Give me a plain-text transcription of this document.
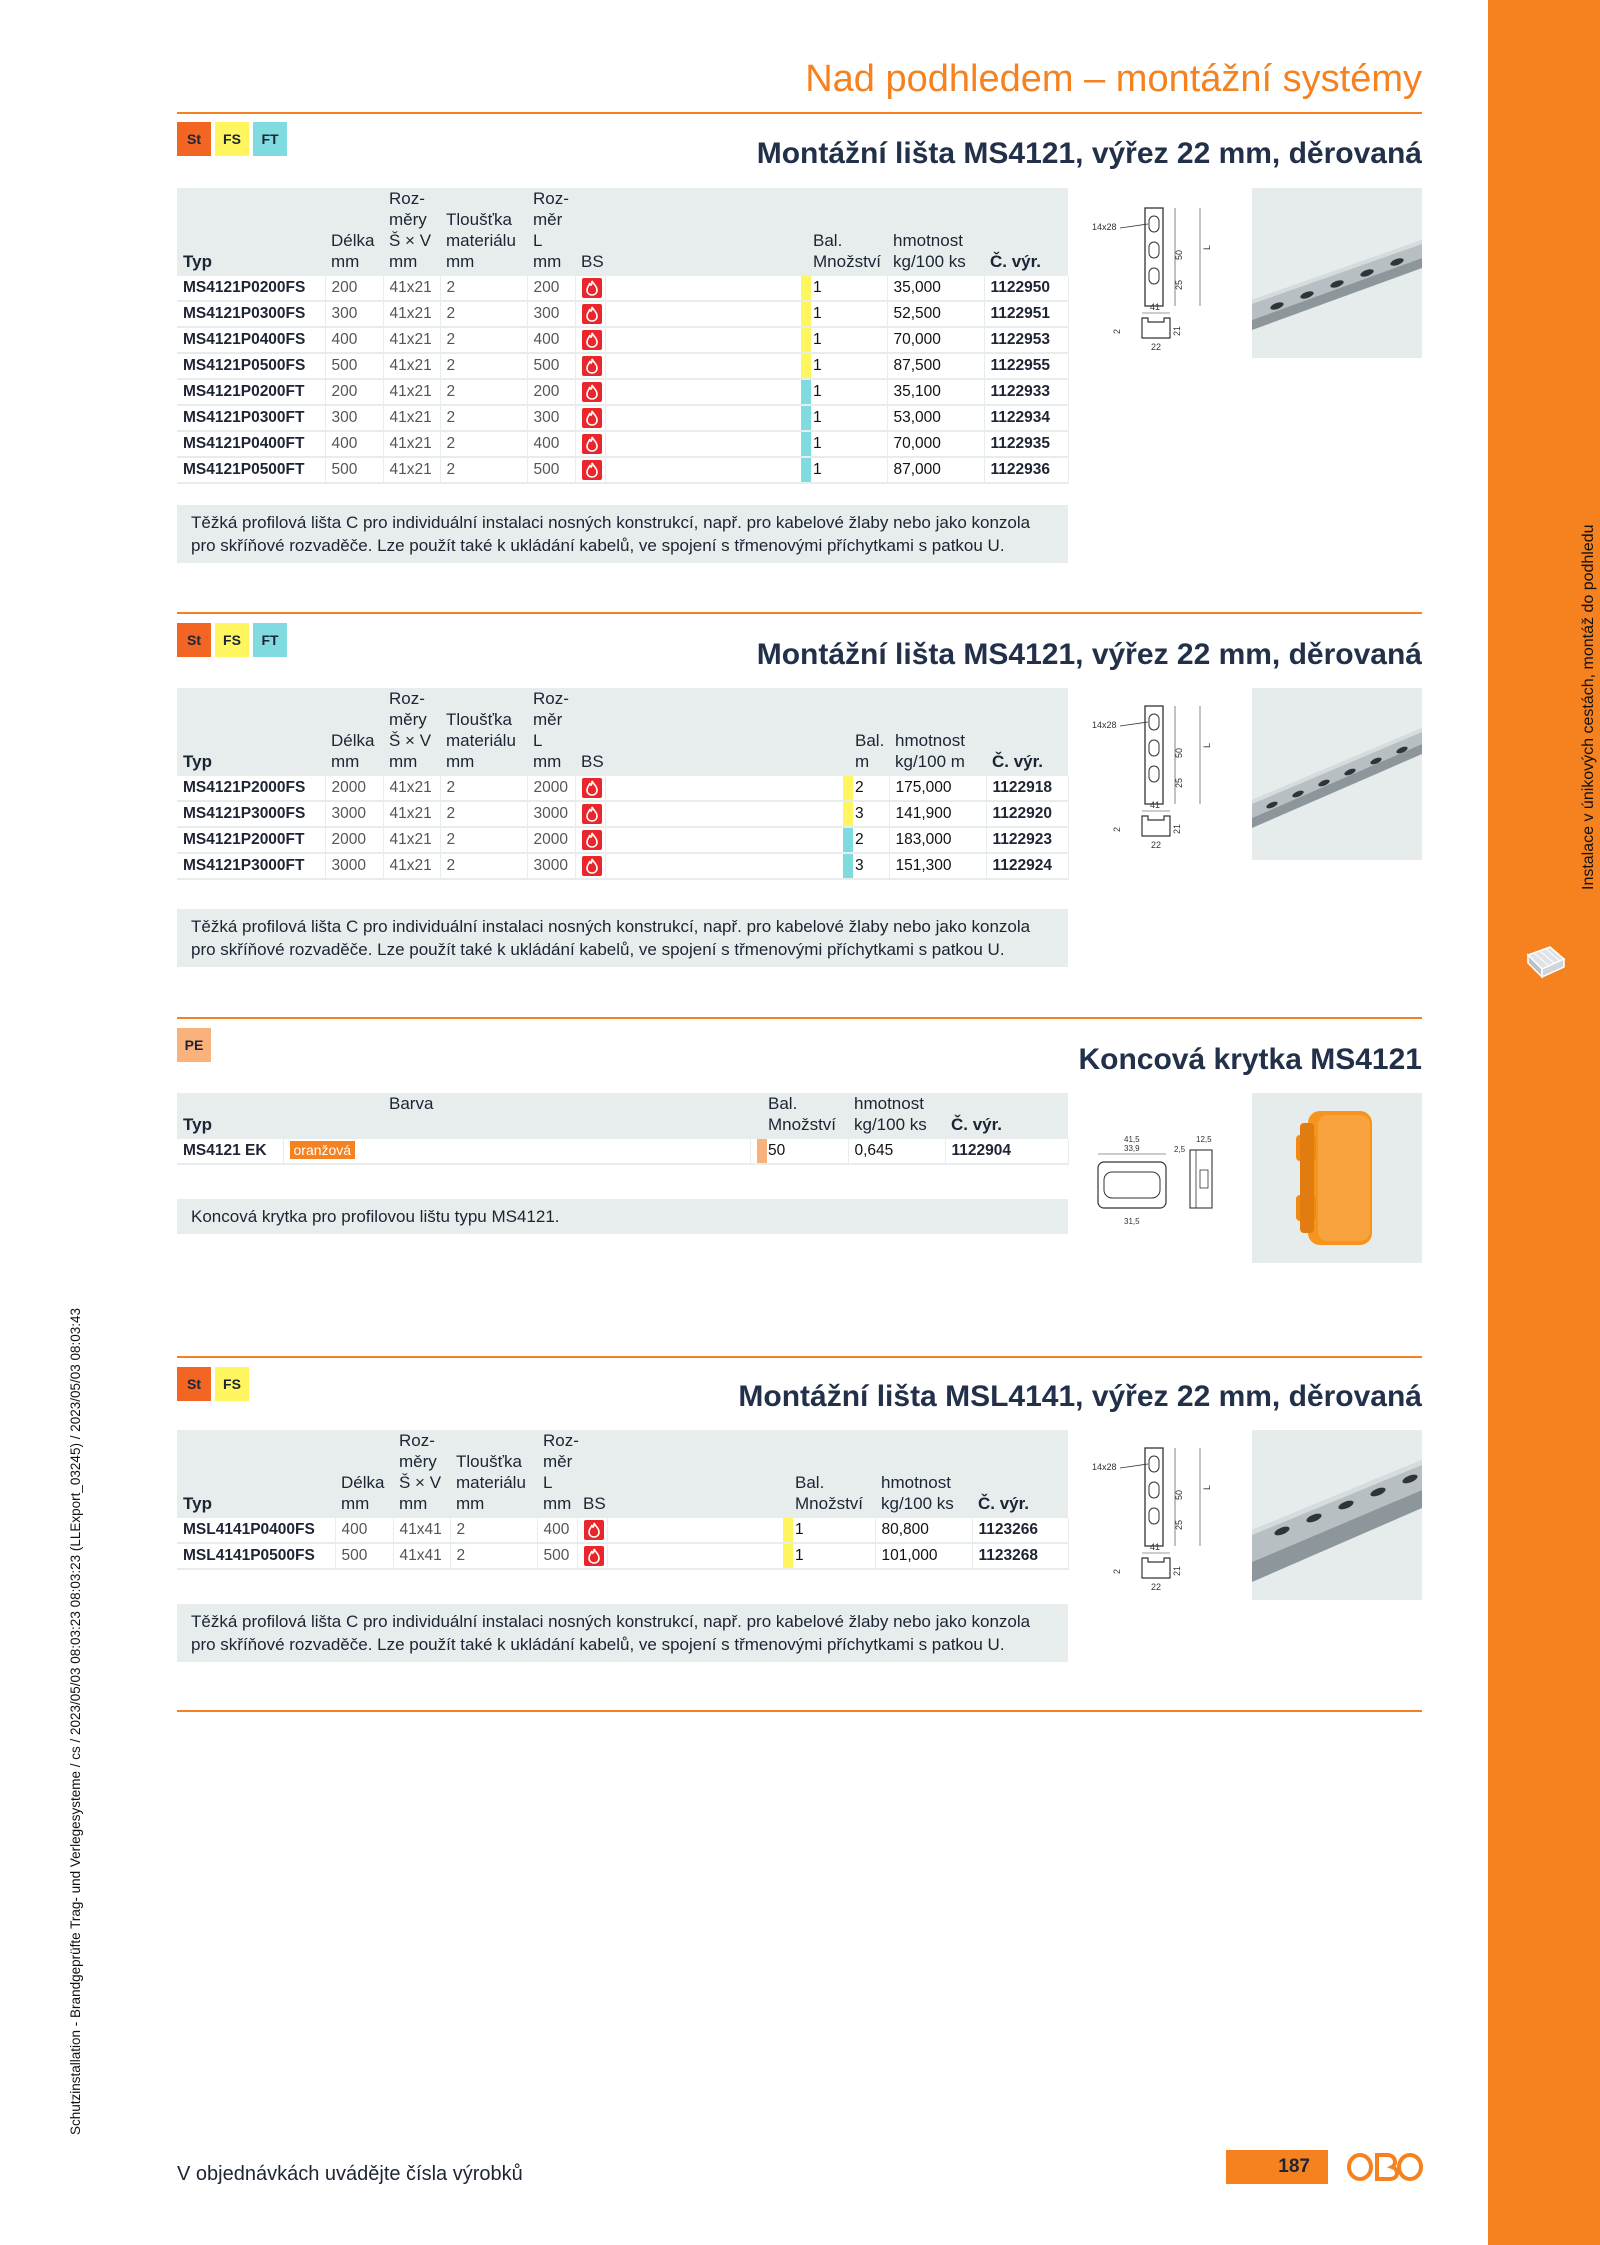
Instalace v únikových cestách, montáž do podhledu
Schutzinstallation - Brandgeprüfte Trag- und Verlegesysteme / cs / 2023/05/03 08:03:23 08:03:23 (LLExport_03245) / 2023/05/03 08:03:43
Nad podhledem – montážní systémy
St	FS	FT	Montážní lišta MS4121, výřez 22 mm, děrovaná
Typ	Délka
mm	Roz-
měry
Š × V
mm	Tloušťka
materiálu
mm	Roz-
měr
L
mm	BS			Bal.
Množství	hmotnost
kg/100 ks	Č. výr.
MS4121P0200FS	200	41x21	2	200				1	35,000	1122950
MS4121P0300FS	300	41x21	2	300				1	52,500	1122951
MS4121P0400FS	400	41x21	2	400				1	70,000	1122953
MS4121P0500FS	500	41x21	2	500				1	87,500	1122955
MS4121P0200FT	200	41x21	2	200				1	35,100	1122933
MS4121P0300FT	300	41x21	2	300				1	53,000	1122934
MS4121P0400FT	400	41x21	2	400				1	70,000	1122935
MS4121P0500FT	500	41x21	2	500				1	87,000	1122936
Těžká profilová lišta C pro individuální instalaci nosných konstrukcí, např. pro kabelové žlaby nebo jako konzola pro skříňové rozvaděče. Lze použít také k ukládání kabelů, ve spojení s třmenovými příchytkami s patkou U.
14x28
50
25
L
41
2	21
22
St	FS	FT	Montážní lišta MS4121, výřez 22 mm, děrovaná
Typ	Délka
mm	Roz-
měry
Š × V
mm	Tloušťka
materiálu
mm	Roz-
měr
L
mm	BS			Bal.
m	hmotnost
kg/100 m	Č. výr.
MS4121P2000FS	2000	41x21	2	2000				2	175,000	1122918
MS4121P3000FS	3000	41x21	2	3000				3	141,900	1122920
MS4121P2000FT	2000	41x21	2	2000				2	183,000	1122923
MS4121P3000FT	3000	41x21	2	3000				3	151,300	1122924
Těžká profilová lišta C pro individuální instalaci nosných konstrukcí, např. pro kabelové žlaby nebo jako konzola pro skříňové rozvaděče. Lze použít také k ukládání kabelů, ve spojení s třmenovými příchytkami s patkou U.
14x28
50
25
L
41
2	21
22
PE	Koncová krytka MS4121

Typ	Barva		Bal.
Množství	hmotnost
kg/100 ks	Č. výr.
MS4121 EK	oranžová		50	0,645	1122904
Koncová krytka pro profilovou lištu typu MS4121.
41,5
33,9
31,5
12,5
2,5
St	FS	Montážní lišta MSL4141, výřez 22 mm, děrovaná
Typ	Délka
mm	Roz-
měry
Š × V
mm	Tloušťka
materiálu
mm	Roz-
měr
L
mm	BS			Bal.
Množství	hmotnost
kg/100 ks	Č. výr.
MSL4141P0400FS	400	41x41	2	400				1	80,800	1123266
MSL4141P0500FS	500	41x41	2	500				1	101,000	1123268
Těžká profilová lišta C pro individuální instalaci nosných konstrukcí, např. pro kabelové žlaby nebo jako konzola pro skříňové rozvaděče. Lze použít také k ukládání kabelů, ve spojení s třmenovými příchytkami s patkou U.
14x28
50
25
L
41
2	21
22
V objednávkách uvádějte čísla výrobků	187
